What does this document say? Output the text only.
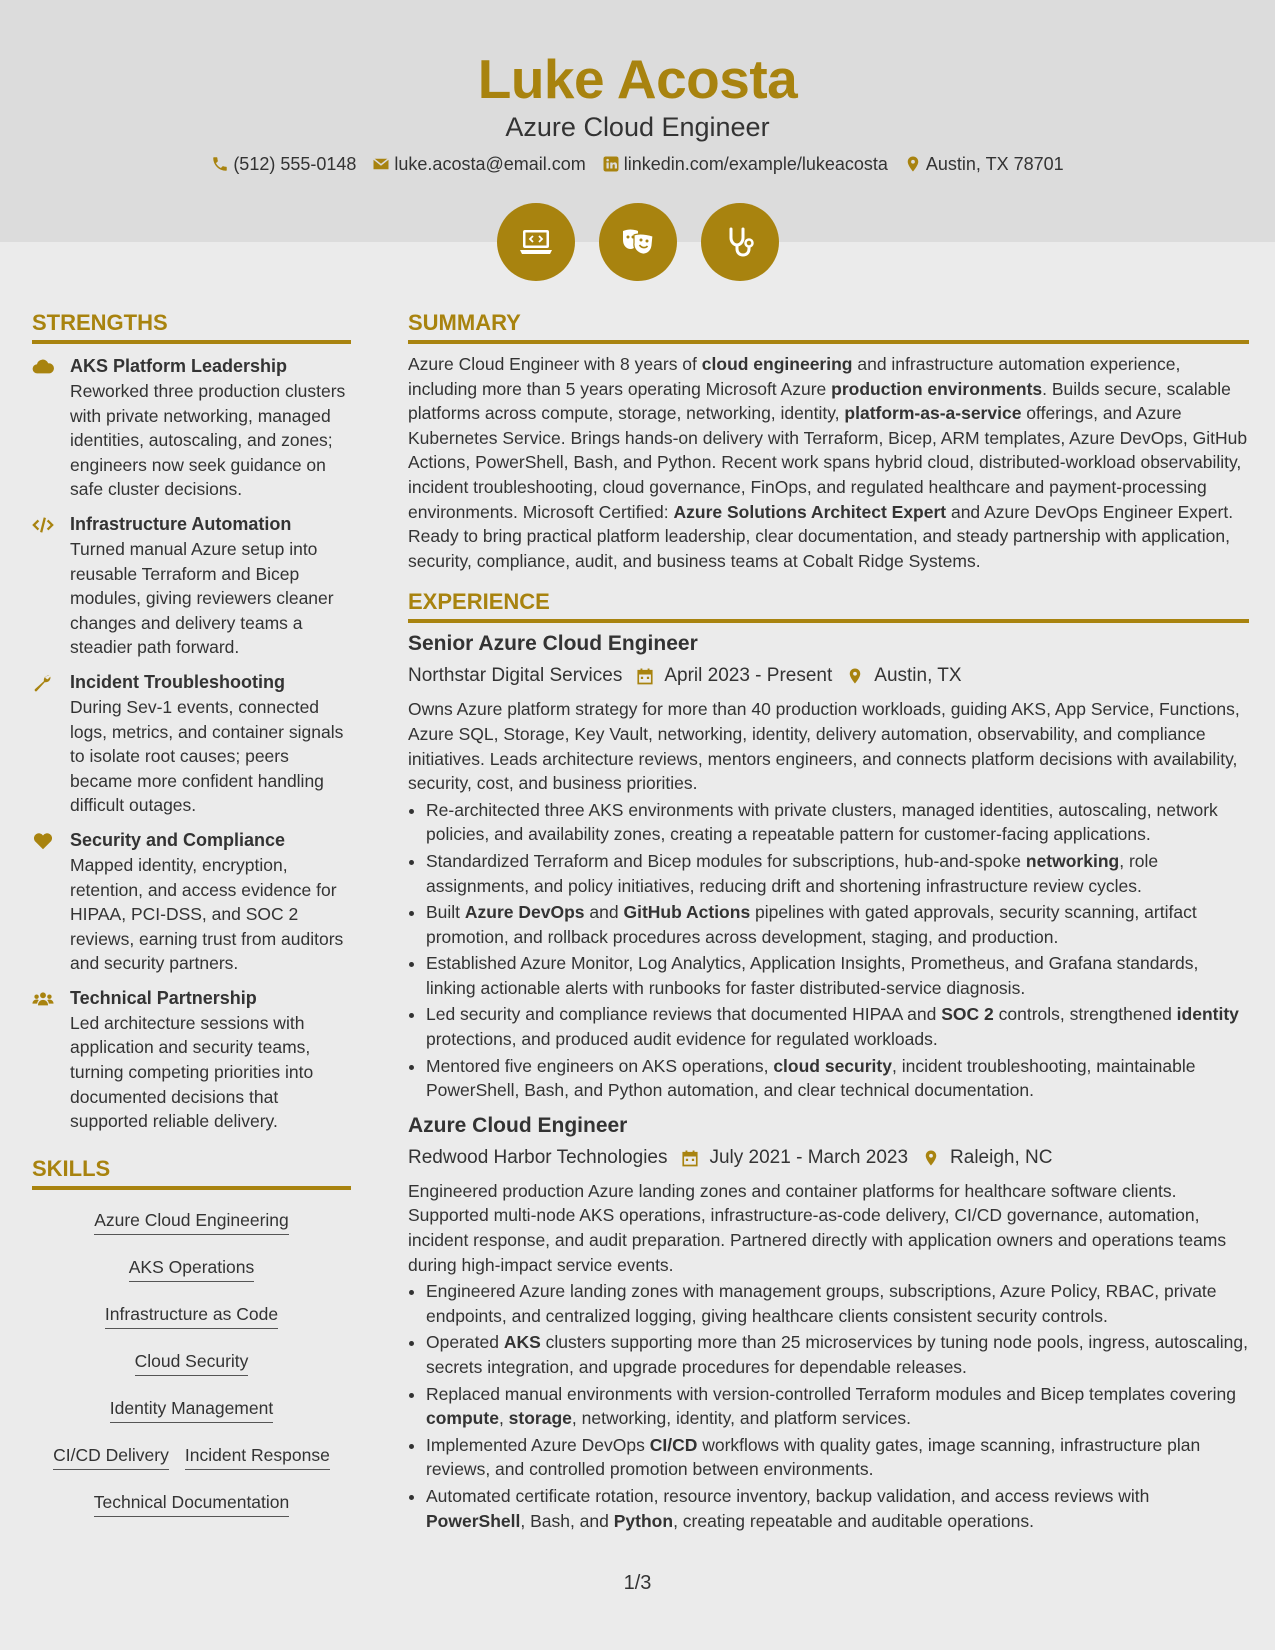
Luke Acosta
Azure Cloud Engineer
(512) 555-0148 luke.acosta@email.com linkedin.com/example/lukeacosta Austin, TX 78701
STRENGTHS
AKS Platform Leadership
Reworked three production clusters with private networking, managed identities, autoscaling, and zones; engineers now seek guidance on safe cluster decisions.
Infrastructure Automation
Turned manual Azure setup into reusable Terraform and Bicep modules, giving reviewers cleaner changes and delivery teams a steadier path forward.
Incident Troubleshooting
During Sev-1 events, connected logs, metrics, and container signals to isolate root causes; peers became more confident handling difficult outages.
Security and Compliance
Mapped identity, encryption, retention, and access evidence for HIPAA, PCI-DSS, and SOC 2 reviews, earning trust from auditors and security partners.
Technical Partnership
Led architecture sessions with application and security teams, turning competing priorities into documented decisions that supported reliable delivery.
SKILLS
Azure Cloud Engineering
AKS Operations
Infrastructure as Code
Cloud Security
Identity Management
CI/CD Delivery Incident Response
Technical Documentation
SUMMARY
Azure Cloud Engineer with 8 years of cloud engineering and infrastructure automation experience, including more than 5 years operating Microsoft Azure production environments. Builds secure, scalable platforms across compute, storage, networking, identity, platform-as-a-service offerings, and Azure Kubernetes Service. Brings hands-on delivery with Terraform, Bicep, ARM templates, Azure DevOps, GitHub Actions, PowerShell, Bash, and Python. Recent work spans hybrid cloud, distributed-workload observability, incident troubleshooting, cloud governance, FinOps, and regulated healthcare and payment-processing environments. Microsoft Certified: Azure Solutions Architect Expert and Azure DevOps Engineer Expert. Ready to bring practical platform leadership, clear documentation, and steady partnership with application, security, compliance, audit, and business teams at Cobalt Ridge Systems.
EXPERIENCE
Senior Azure Cloud Engineer
Northstar Digital Services April 2023 - Present Austin, TX
Owns Azure platform strategy for more than 40 production workloads, guiding AKS, App Service, Functions, Azure SQL, Storage, Key Vault, networking, identity, delivery automation, observability, and compliance initiatives. Leads architecture reviews, mentors engineers, and connects platform decisions with availability, security, cost, and business priorities.
• Re-architected three AKS environments with private clusters, managed identities, autoscaling, network policies, and availability zones, creating a repeatable pattern for customer-facing applications.
• Standardized Terraform and Bicep modules for subscriptions, hub-and-spoke networking, role assignments, and policy initiatives, reducing drift and shortening infrastructure review cycles.
• Built Azure DevOps and GitHub Actions pipelines with gated approvals, security scanning, artifact promotion, and rollback procedures across development, staging, and production.
• Established Azure Monitor, Log Analytics, Application Insights, Prometheus, and Grafana standards, linking actionable alerts with runbooks for faster distributed-service diagnosis.
• Led security and compliance reviews that documented HIPAA and SOC 2 controls, strengthened identity protections, and produced audit evidence for regulated workloads.
• Mentored five engineers on AKS operations, cloud security, incident troubleshooting, maintainable PowerShell, Bash, and Python automation, and clear technical documentation.
Azure Cloud Engineer
Redwood Harbor Technologies July 2021 - March 2023 Raleigh, NC
Engineered production Azure landing zones and container platforms for healthcare software clients. Supported multi-node AKS operations, infrastructure-as-code delivery, CI/CD governance, automation, incident response, and audit preparation. Partnered directly with application owners and operations teams during high-impact service events.
• Engineered Azure landing zones with management groups, subscriptions, Azure Policy, RBAC, private endpoints, and centralized logging, giving healthcare clients consistent security controls.
• Operated AKS clusters supporting more than 25 microservices by tuning node pools, ingress, autoscaling, secrets integration, and upgrade procedures for dependable releases.
• Replaced manual environments with version-controlled Terraform modules and Bicep templates covering compute, storage, networking, identity, and platform services.
• Implemented Azure DevOps CI/CD workflows with quality gates, image scanning, infrastructure plan reviews, and controlled promotion between environments.
• Automated certificate rotation, resource inventory, backup validation, and access reviews with PowerShell, Bash, and Python, creating repeatable and auditable operations.
1/3
